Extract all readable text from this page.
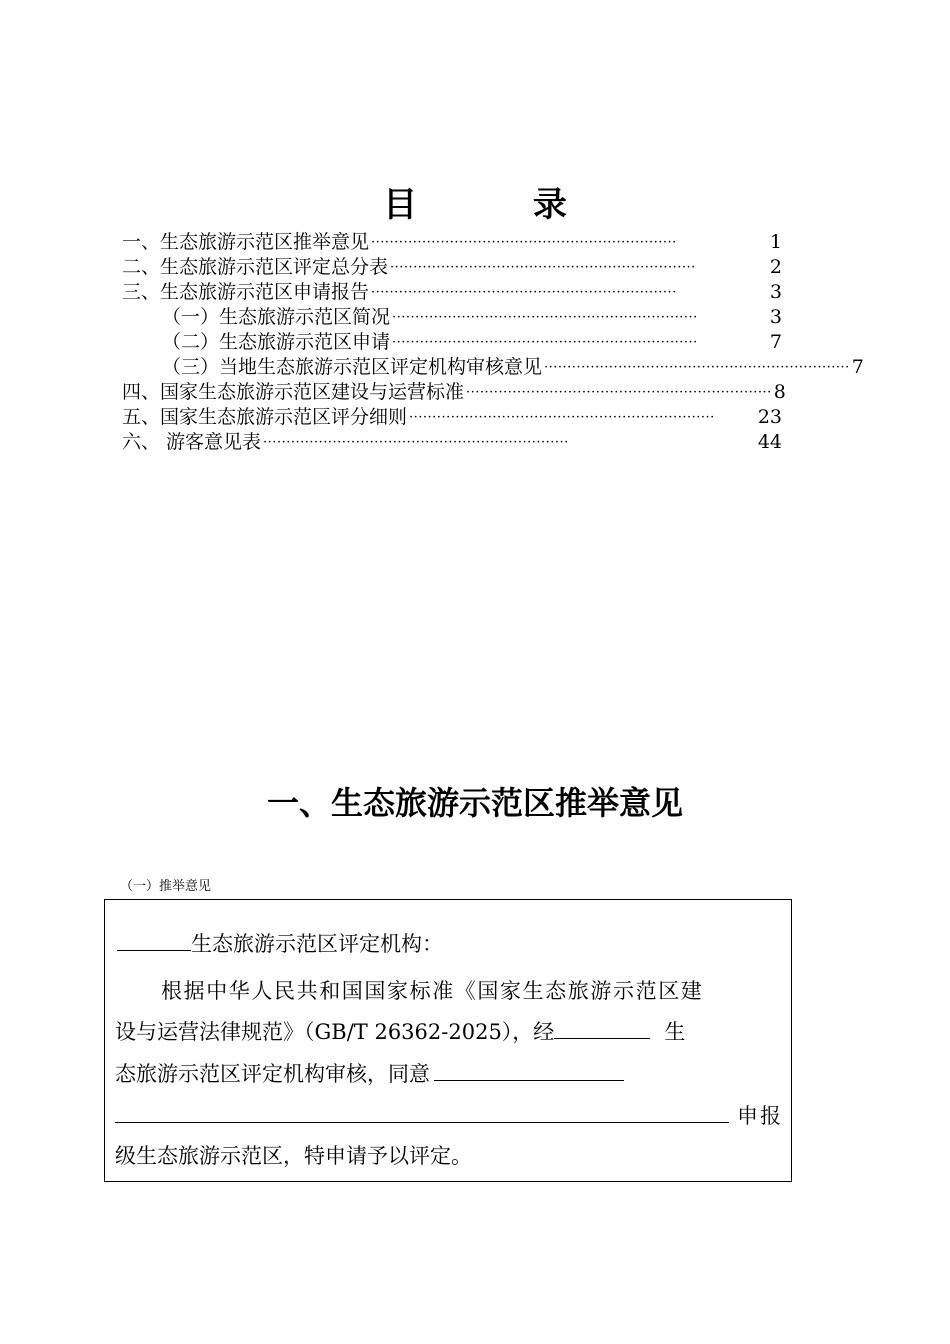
目 录
一、生态旅游示范区推举意见 ··································································	1
二、生态旅游示范区评定总分表 ··································································	2
三、生态旅游示范区申请报告 ··································································	3
（一）生态旅游示范区简况 ··································································	3
（二）生态旅游示范区申请 ··································································	7
（三）当地生态旅游示范区评定机构审核意见 ·································································· 7
四、国家生态旅游示范区建设与运营标准 ·································································· 8
五、国家生态旅游示范区评分细则 ··································································	23
六、 游客意见表 ··································································	44
一、生态旅游示范区推举意见
（一）推举意见
生态旅游示范区评定机构：
根据中华人民共和国国家标准《国家生态旅游示范区建
设与运营法律规范》（GB/T 26362-2025），经	生
态旅游示范区评定机构审核，同意
申报
级生态旅游示范区，特申请予以评定。
